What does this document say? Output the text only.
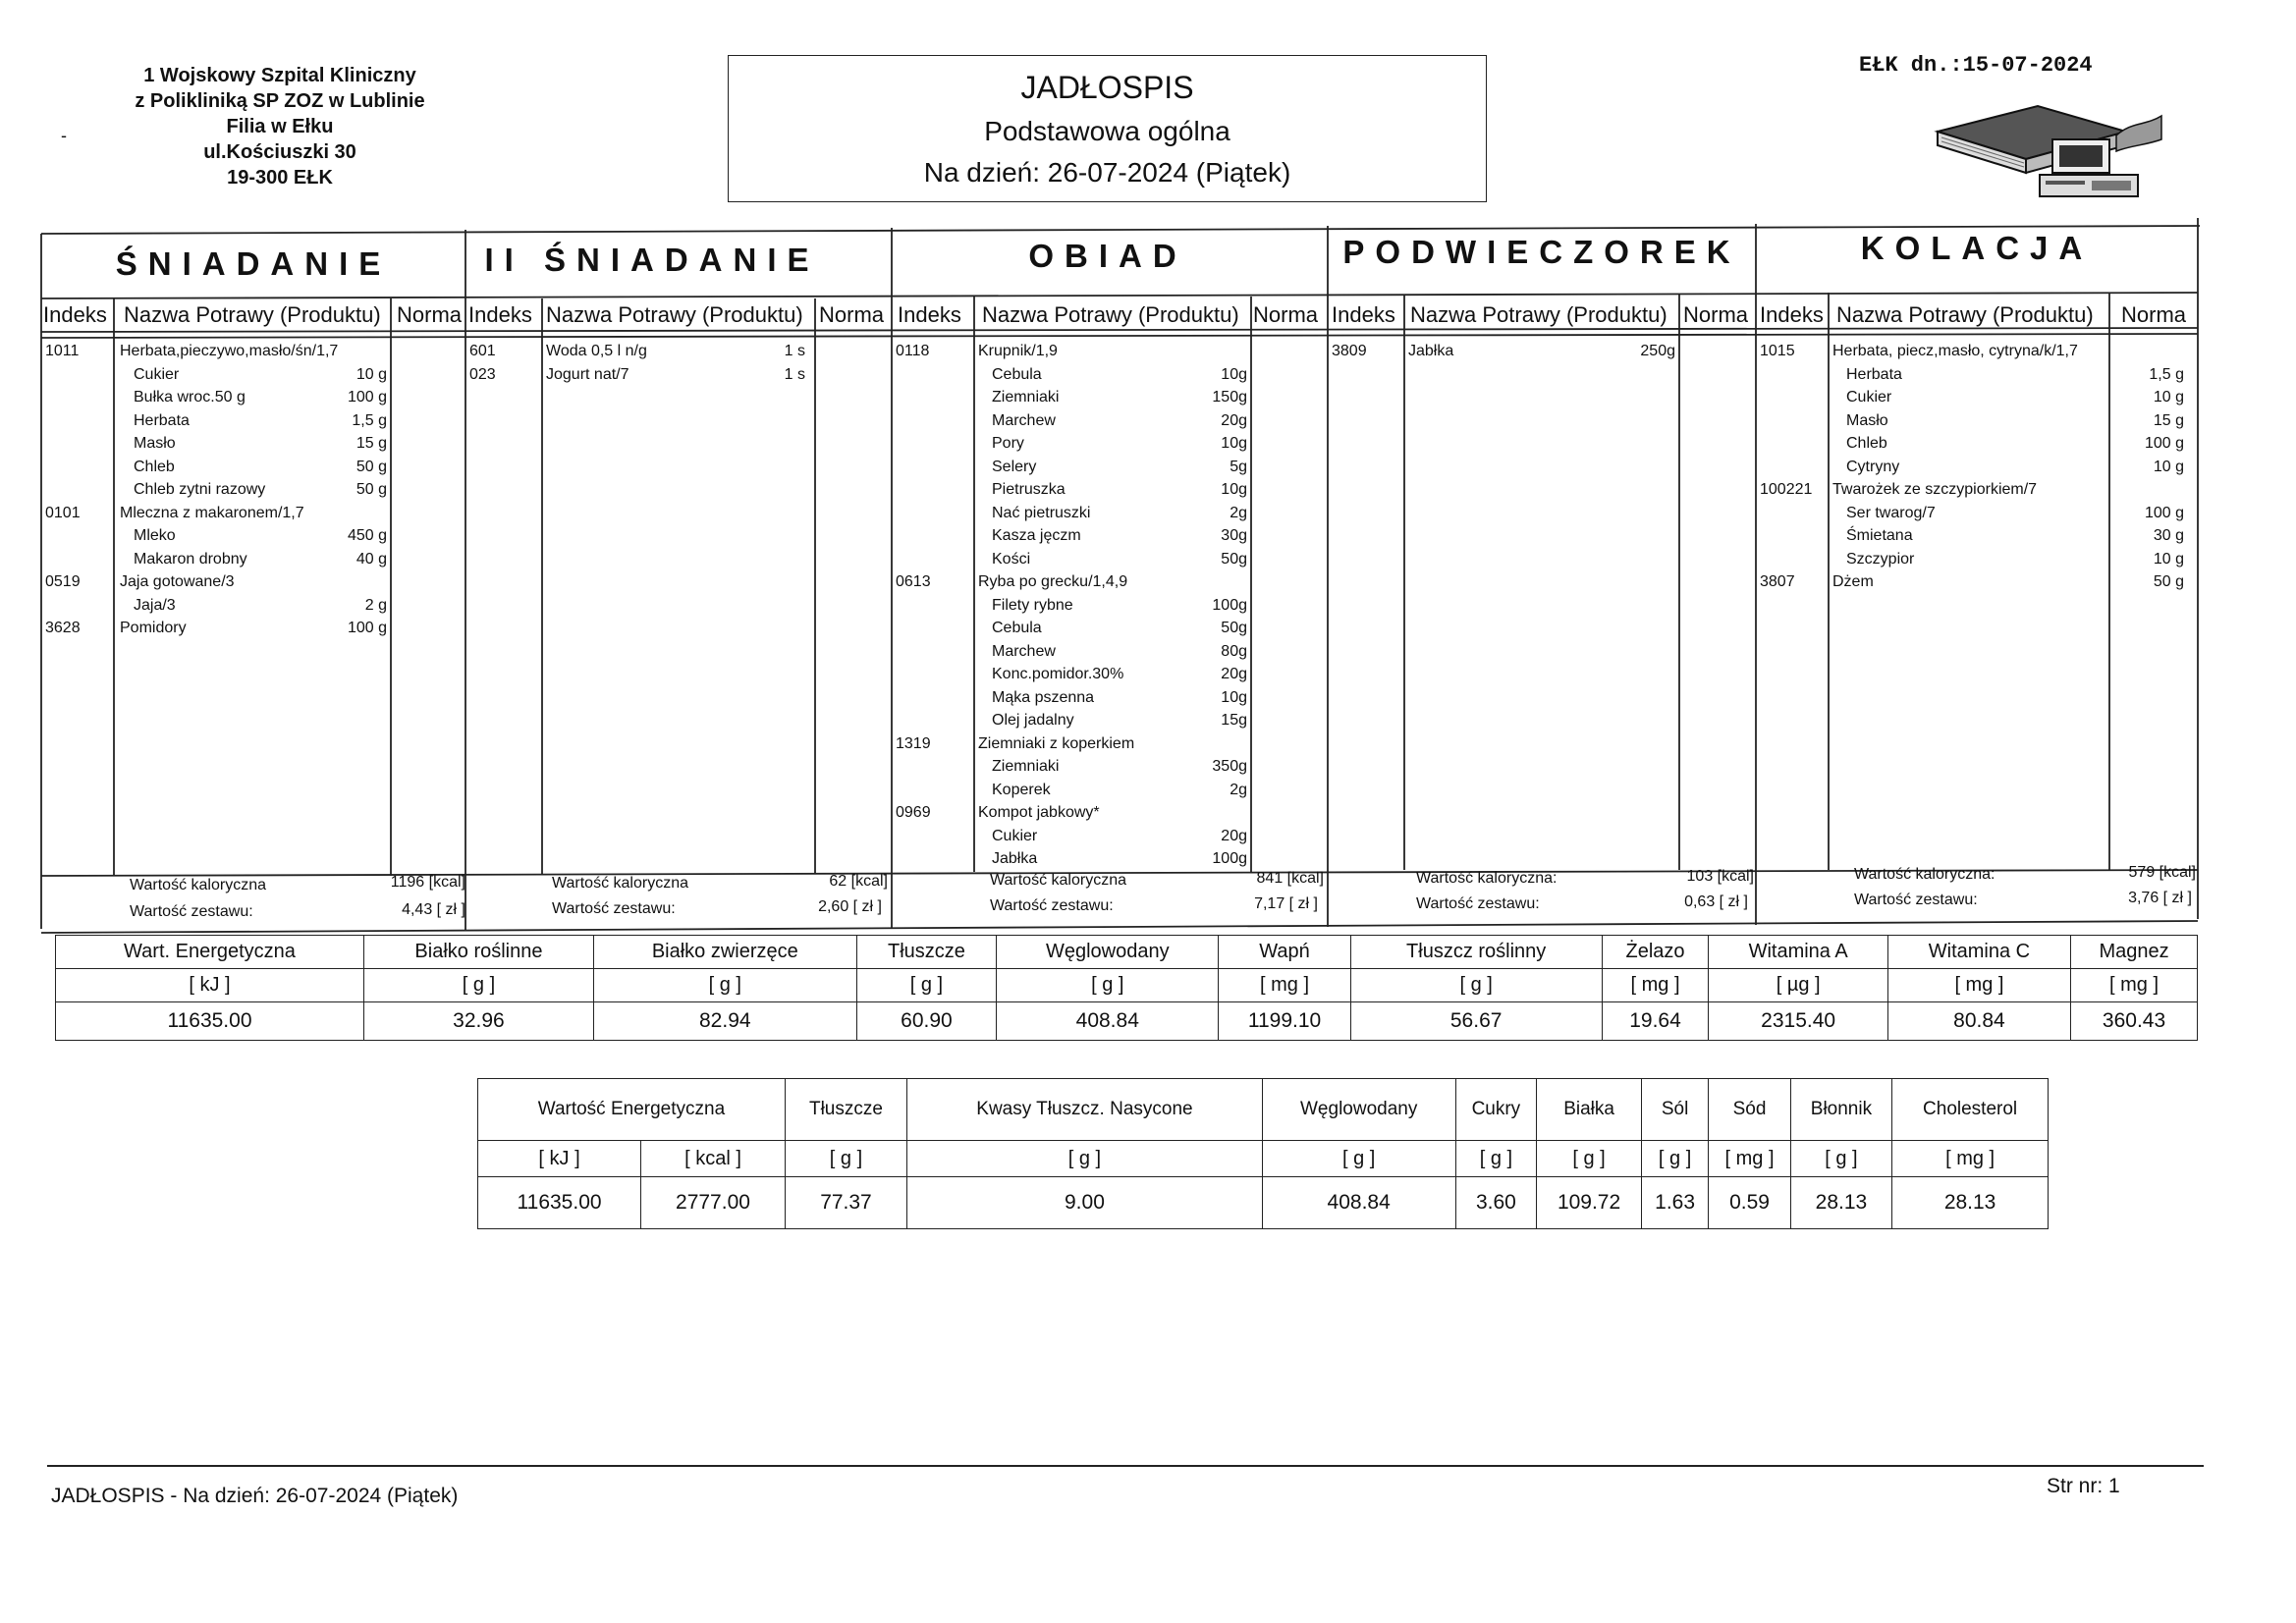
1 Wojskowy Szpital Kliniczny
z Polikliniką SP ZOZ w Lublinie
Filia w Ełku
ul.Kościuszki 30
19-300 EŁK
-
JADŁOSPIS
Podstawowa ogólna
Na dzień: 26-07-2024 (Piątek)
EŁK dn.:15-07-2024
ŚNIADANIE
Indeks Nazwa Potrawy (Produktu) Norma
1011	Herbata,pieczywo,masło/śn/1,7
Cukier	10 g
Bułka wroc.50 g	100 g
Herbata	1,5 g
Masło	15 g
Chleb	50 g
Chleb zytni razowy	50 g
0101	Mleczna z makaronem/1,7
Mleko	450 g
Makaron drobny	40 g
0519	Jaja gotowane/3
Jaja/3	2 g
3628	Pomidory	100 g
Wartość kaloryczna	1196 [kcal]
Wartość zestawu:	4,43 [ zł ]
II ŚNIADANIE
Indeks Nazwa Potrawy (Produktu) Norma
601	Woda 0,5 l n/g	1 s
023	Jogurt nat/7	1 s
Wartość kaloryczna	62 [kcal]
Wartość zestawu:	2,60 [ zł ]
OBIAD
Indeks Nazwa Potrawy (Produktu) Norma
0118	Krupnik/1,9
Cebula	10g
Ziemniaki	150g
Marchew	20g
Pory	10g
Selery	5g
Pietruszka	10g
Nać pietruszki	2g
Kasza jęczm	30g
Kości	50g
0613	Ryba po grecku/1,4,9
Filety rybne	100g
Cebula	50g
Marchew	80g
Konc.pomidor.30%	20g
Mąka pszenna	10g
Olej jadalny	15g
1319	Ziemniaki z koperkiem
Ziemniaki	350g
Koperek	2g
0969	Kompot jabkowy*
Cukier	20g
Jabłka	100g
Wartość kaloryczna	841 [kcal]
Wartość zestawu:	7,17 [ zł ]
PODWIECZOREK
Indeks Nazwa Potrawy (Produktu) Norma
3809	Jabłka	250g
Wartość kaloryczna:	103 [kcal]
Wartość zestawu:	0,63 [ zł ]
KOLACJA
Indeks Nazwa Potrawy (Produktu) Norma
1015 Herbata, piecz,masło, cytryna/k/1,7
Herbata	1,5 g
Cukier	10 g
Masło	15 g
Chleb	100 g
Cytryny	10 g
100221 Twarożek ze szczypiorkiem/7
Ser twarog/7	100 g
Śmietana	30 g
Szczypior	10 g
3807 Dżem	50 g
Wartość kaloryczna:	579 [kcal]
Wartość zestawu:	3,76 [ zł ]
Wart. Energetyczna	Białko roślinne	Białko zwierzęce	Tłuszcze	Węglowodany	Wapń	Tłuszcz roślinny	Żelazo	Witamina A	Witamina C	Magnez
[ kJ ]	[ g ]	[ g ]	[ g ]	[ g ]	[ mg ]	[ g ]	[ mg ]	[ µg ]	[ mg ]	[ mg ]
11635.00	32.96	82.94	60.90	408.84	1199.10	56.67	19.64	2315.40	80.84	360.43
Wartość Energetyczna		Tłuszcze	Kwasy Tłuszcz. Nasycone	Węglowodany	Cukry	Białka	Sól	Sód	Błonnik	Cholesterol
[ kJ ]	[ kcal ]	[ g ]	[ g ]	[ g ]	[ g ]	[ g ]	[ g ]	[ mg ]	[ g ]	[ mg ]
11635.00	2777.00	77.37	9.00	408.84	3.60	109.72	1.63	0.59	28.13	28.13
JADŁOSPIS - Na dzień: 26-07-2024 (Piątek)	Str nr: 1
